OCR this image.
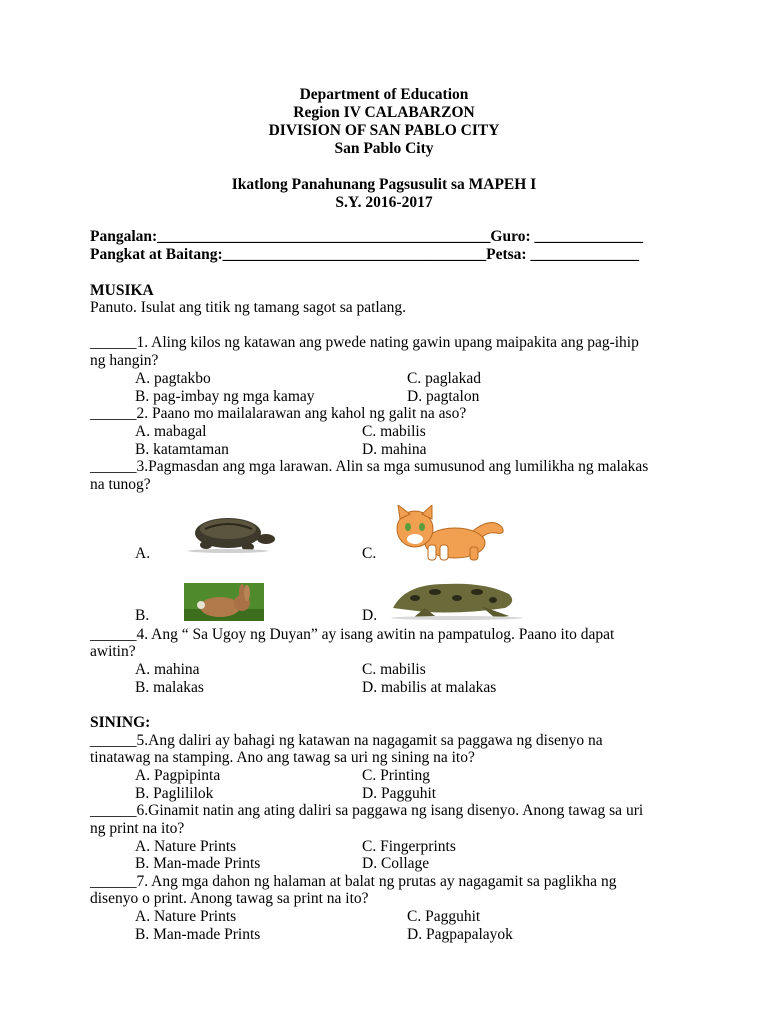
Department of Education
Region IV CALABARZON
DIVISION OF SAN PABLO CITY
San Pablo City
Ikatlong Panahunang Pagsusulit sa MAPEH I
S.Y. 2016-2017
Pangalan:___________________________________________Guro: ______________
Pangkat at Baitang:__________________________________Petsa: ______________
MUSIKA
Panuto. Isulat ang titik ng tamang sagot sa patlang.
______1. Aling kilos ng katawan ang pwede nating gawin upang maipakita ang pag-ihip
ng hangin?
A. pagtakbo	C. paglakad
B. pag-imbay ng mga kamay	D. pagtalon
______2. Paano mo mailalarawan ang kahol ng galit na aso?
A. mabagal	C. mabilis
B. katamtaman	D. mahina
______3.Pagmasdan ang mga larawan. Alin sa mga sumusunod ang lumilikha ng malakas
na tunog?
A.	C.
B.	D.
______4. Ang “ Sa Ugoy ng Duyan” ay isang awitin na pampatulog. Paano ito dapat
awitin?
A. mahina	C. mabilis
B. malakas	D. mabilis at malakas
SINING:
______5.Ang daliri ay bahagi ng katawan na nagagamit sa paggawa ng disenyo na
tinatawag na stamping. Ano ang tawag sa uri ng sining na ito?
A. Pagpipinta	C. Printing
B. Paglililok	D. Pagguhit
______6.Ginamit natin ang ating daliri sa paggawa ng isang disenyo. Anong tawag sa uri
ng print na ito?
A. Nature Prints	C. Fingerprints
B. Man-made Prints	D. Collage
______7. Ang mga dahon ng halaman at balat ng prutas ay nagagamit sa paglikha ng
disenyo o print. Anong tawag sa print na ito?
A. Nature Prints	C. Pagguhit
B. Man-made Prints	D. Pagpapalayok
